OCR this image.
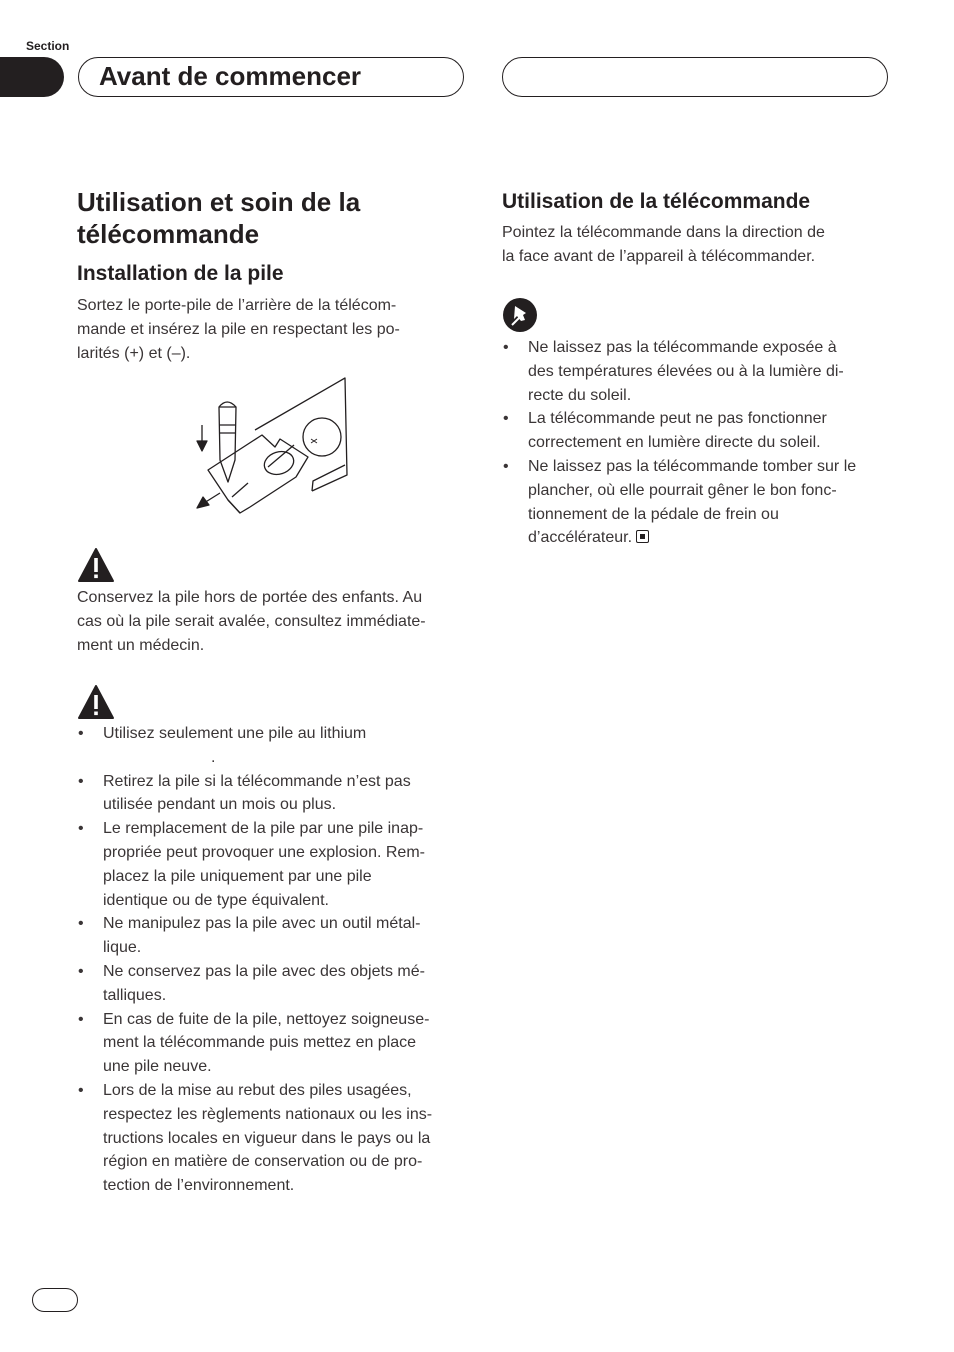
Section
Avant de commencer
Utilisation et soin de la
télécommande
Installation de la pile
Sortez le porte-pile de l’arrière de la télécom-
mande et insérez la pile en respectant les po-
larités (+) et (–).
Conservez la pile hors de portée des enfants. Au
cas où la pile serait avalée, consultez immédiate-
ment un médecin.
• Utilisez seulement une pile au lithium
.
• Retirez la pile si la télécommande n’est pas
utilisée pendant un mois ou plus.
• Le remplacement de la pile par une pile inap-
propriée peut provoquer une explosion. Rem-
placez la pile uniquement par une pile
identique ou de type équivalent.
• Ne manipulez pas la pile avec un outil métal-
lique.
• Ne conservez pas la pile avec des objets mé-
talliques.
• En cas de fuite de la pile, nettoyez soigneuse-
ment la télécommande puis mettez en place
une pile neuve.
• Lors de la mise au rebut des piles usagées,
respectez les règlements nationaux ou les ins-
tructions locales en vigueur dans le pays ou la
région en matière de conservation ou de pro-
tection de l’environnement.
Utilisation de la télécommande
Pointez la télécommande dans la direction de
la face avant de l’appareil à télécommander.
• Ne laissez pas la télécommande exposée à
des températures élevées ou à la lumière di-
recte du soleil.
• La télécommande peut ne pas fonctionner
correctement en lumière directe du soleil.
• Ne laissez pas la télécommande tomber sur le
plancher, où elle pourrait gêner le bon fonc-
tionnement de la pédale de frein ou
d’accélérateur.
